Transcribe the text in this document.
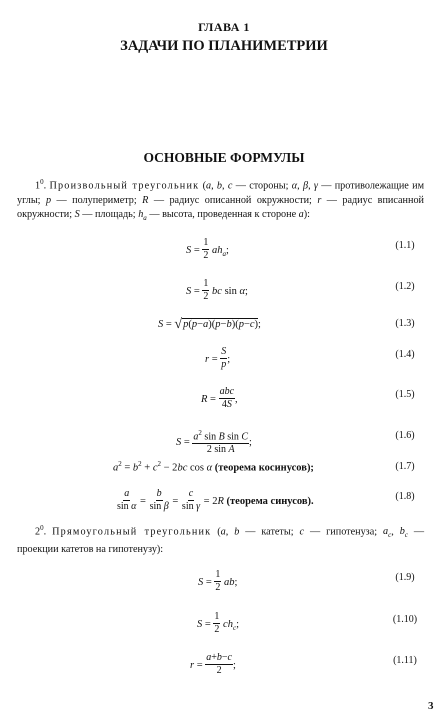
ГЛАВА 1
ЗАДАЧИ ПО ПЛАНИМЕТРИИ
ОСНОВНЫЕ ФОРМУЛЫ
$1^0$. Произвольный треугольник (a, b, c — стороны; α, β, γ — противолежащие им углы; p — полупериметр; R — радиус описанной окружности; r — радиус вписанной окружности; S — площадь; $h_a$ — высота, проведенная к стороне a):
$S = \frac{1}{2} ah_a$;	(1.1)
$S = \frac{1}{2}$ bc sin α;	(1.2)
S = √p(p−a)(p−b)(p−c);	(1.3)
$r = \frac{S}{p}$ ;	(1.4)
$R = \frac{\text{abc}}{4S}$ ,	(1.5)
$S = \frac{a^2 \sin B \sin C}{\text{2 sin A}}$ ;
(1.6)
$a^2 = b^2 + c^2 - 2bc$ cos α (теорема косинусов);	(1.7)
$\frac{a}{\text{sin α}} = \frac{b}{\text{sin β}} = \frac{c}{\text{sin γ}} = 2R$ (теорема синусов).	(1.8)
$2^0$. Прямоугольный треугольник (a, b — катеты; c — гипотенуза; $a_c$, $b_c$ — проекции катетов на гипотенузу):
$S = \frac{1}{2}$ ab;	(1.9)
$S = \frac{1}{2} ch_c$;	(1.10)
$r = \frac{a+b-c}{2}$ ;	(1.11)
3
